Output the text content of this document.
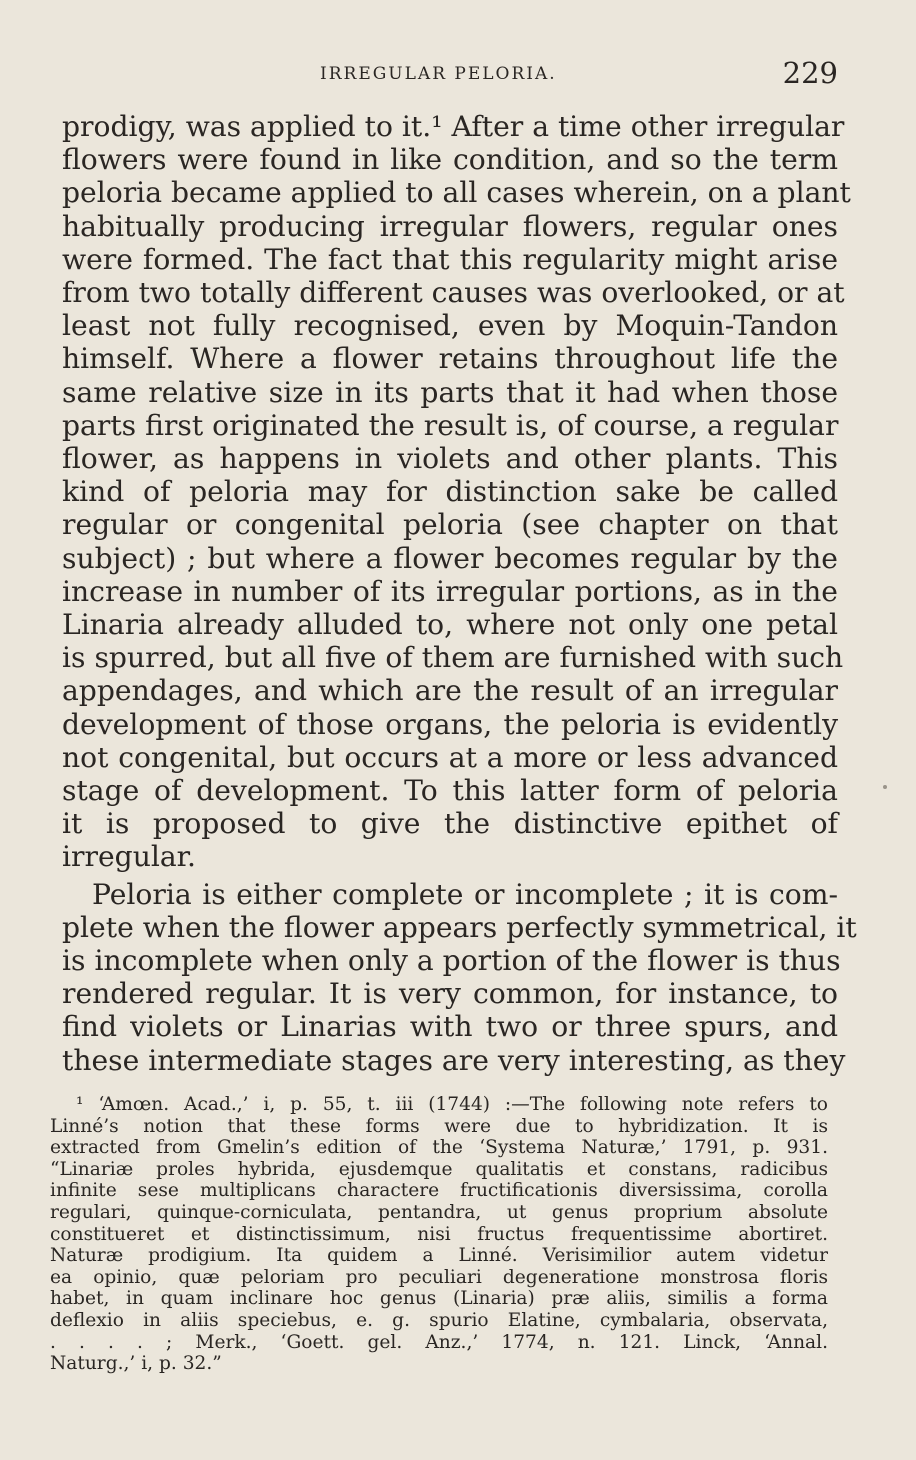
IRREGULAR PELORIA.	229
prodigy, was applied to it.¹ After a time other irregular
flowers were found in like condition, and so the term
peloria became applied to all cases wherein, on a plant
habitually producing irregular flowers, regular ones
were formed. The fact that this regularity might arise
from two totally different causes was overlooked, or at
least not fully recognised, even by Moquin-Tandon
himself. Where a flower retains throughout life the
same relative size in its parts that it had when those
parts first originated the result is, of course, a regular
flower, as happens in violets and other plants. This
kind of peloria may for distinction sake be called
regular or congenital peloria (see chapter on that
subject) ; but where a flower becomes regular by the
increase in number of its irregular portions, as in the
Linaria already alluded to, where not only one petal
is spurred, but all five of them are furnished with such
appendages, and which are the result of an irregular
development of those organs, the peloria is evidently
not congenital, but occurs at a more or less advanced
stage of development. To this latter form of peloria
it is proposed to give the distinctive epithet of
irregular.
Peloria is either complete or incomplete ; it is com-
plete when the flower appears perfectly symmetrical, it
is incomplete when only a portion of the flower is thus
rendered regular. It is very common, for instance, to
find violets or Linarias with two or three spurs, and
these intermediate stages are very interesting, as they
¹ ‘Amœn. Acad.,’ i, p. 55, t. iii (1744) :—The following note refers to
Linné’s notion that these forms were due to hybridization. It is
extracted from Gmelin’s edition of the ‘Systema Naturæ,’ 1791, p. 931.
“Linariæ proles hybrida, ejusdemque qualitatis et constans, radicibus
infinite sese multiplicans charactere fructificationis diversissima, corolla
regulari, quinque-corniculata, pentandra, ut genus proprium absolute
constitueret et distinctissimum, nisi fructus frequentissime abortiret.
Naturæ prodigium. Ita quidem a Linné. Verisimilior autem videtur
ea opinio, quæ peloriam pro peculiari degeneratione monstrosa floris
habet, in quam inclinare hoc genus (Linaria) præ aliis, similis a forma
deflexio in aliis speciebus, e. g. spurio Elatine, cymbalaria, observata,
. . . . ; Merk., ‘Goett. gel. Anz.,’ 1774, n. 121. Linck, ‘Annal.
Naturg.,’ i, p. 32.”
